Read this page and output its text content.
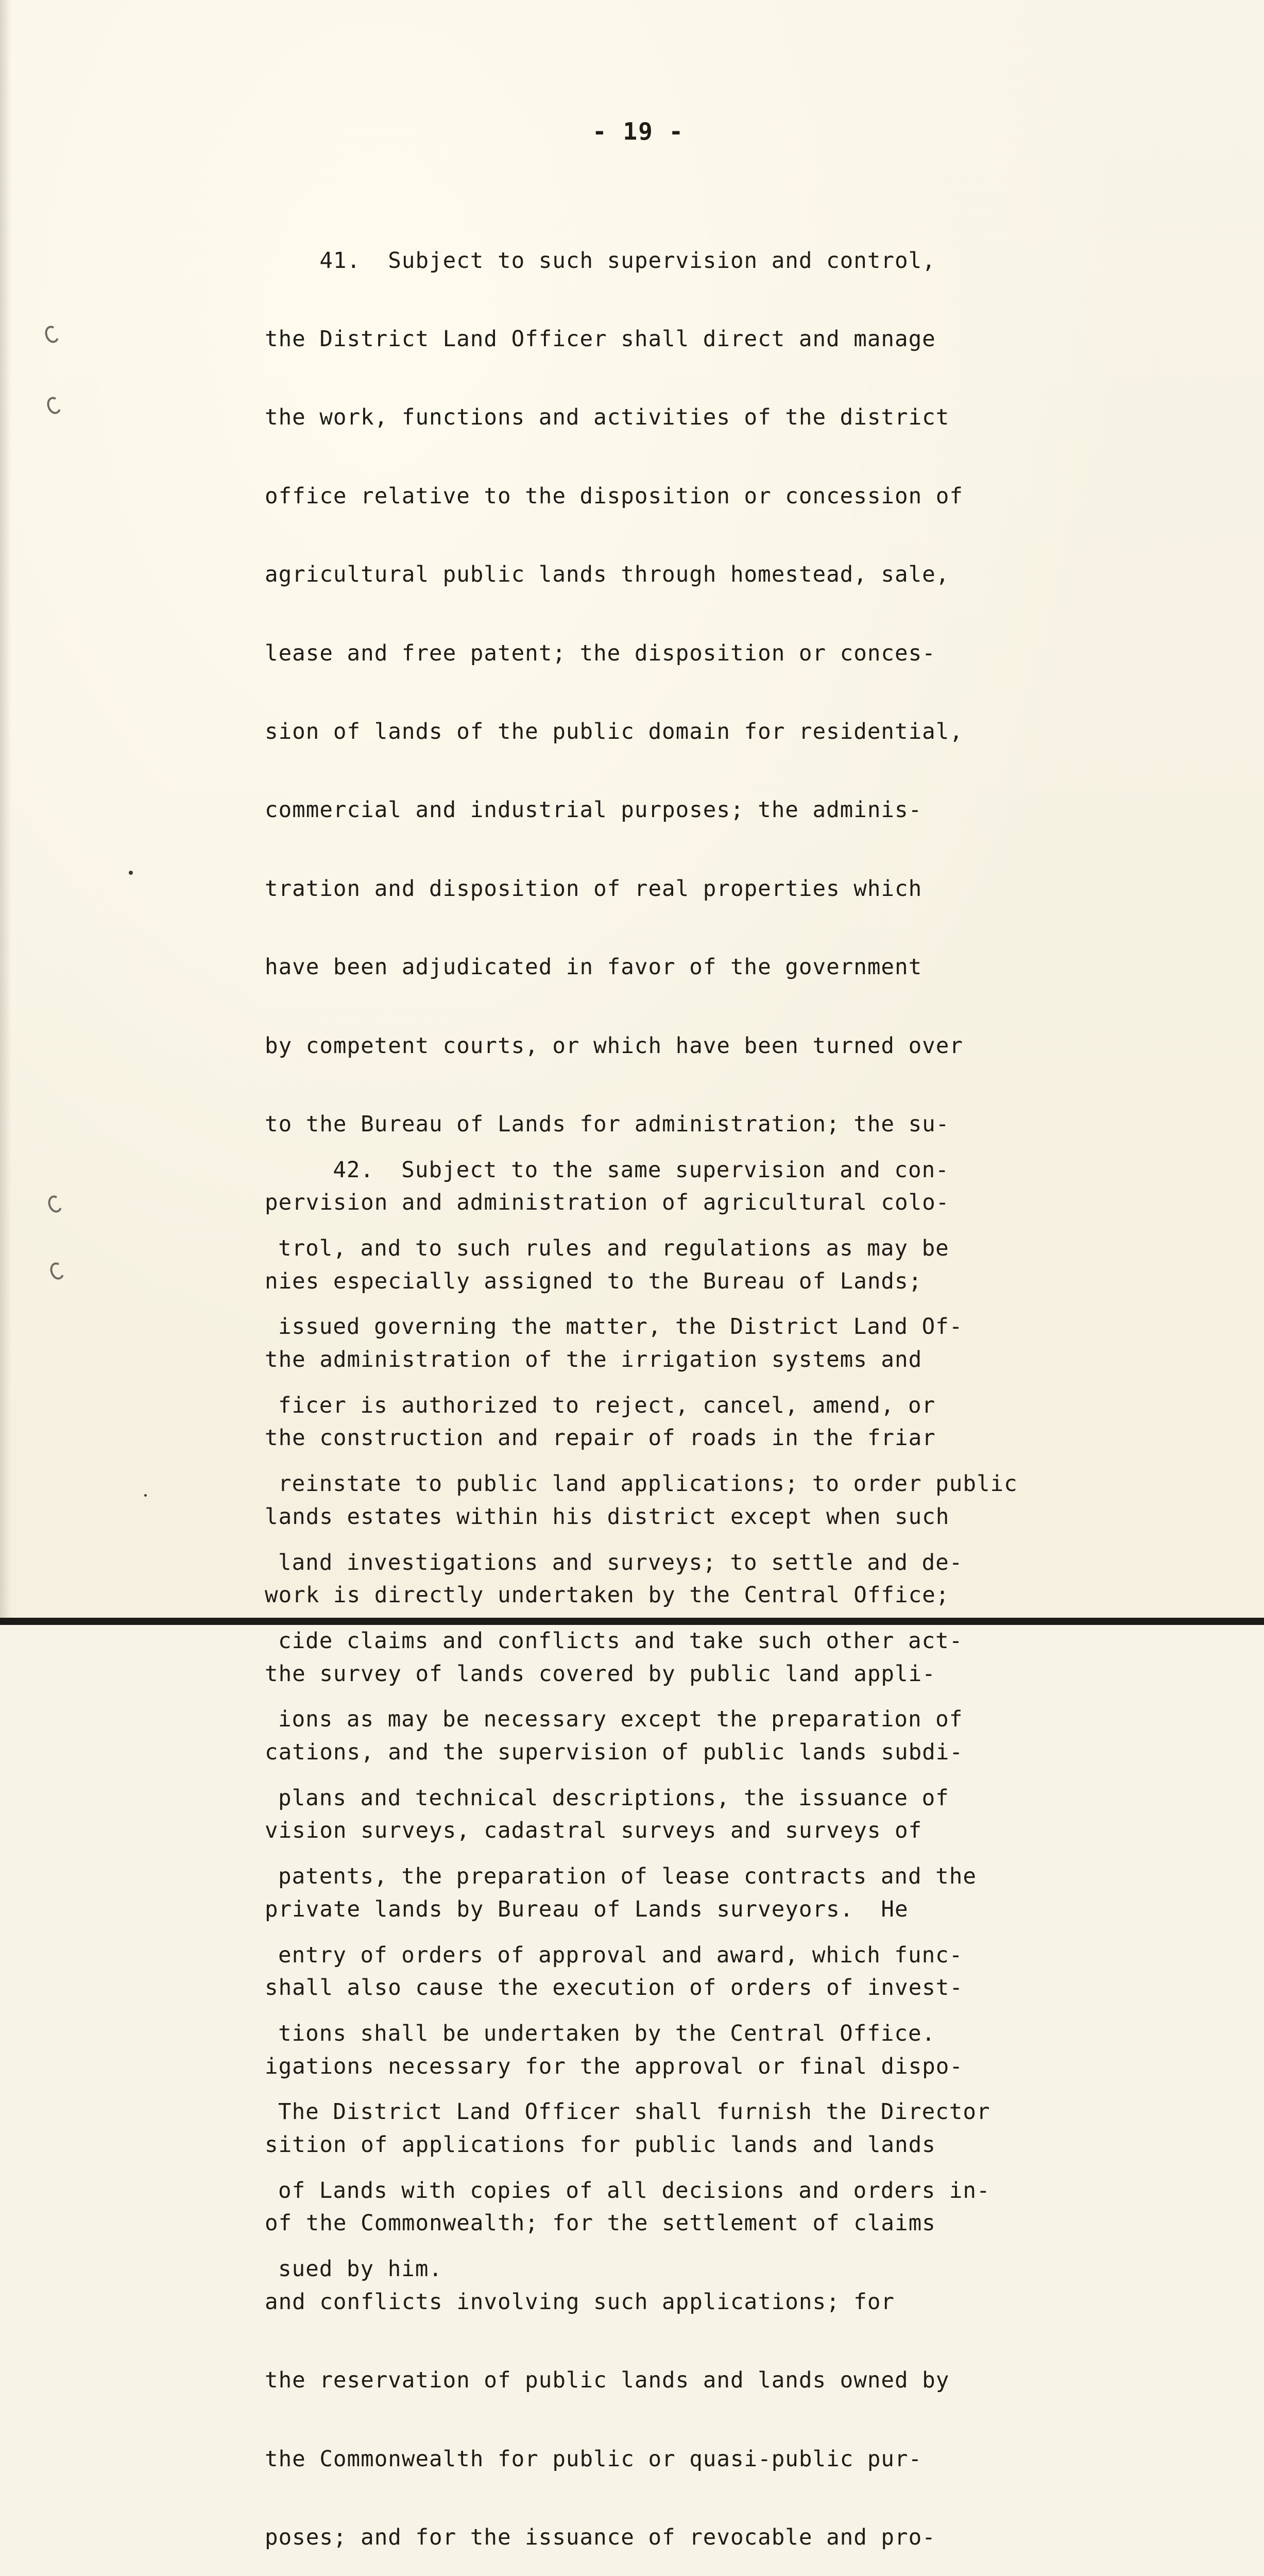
- 19 -

41.  Subject to such supervision and control,

the District Land Officer shall direct and manage

the work, functions and activities of the district

office relative to the disposition or concession of

agricultural public lands through homestead, sale,

lease and free patent; the disposition or conces-

sion of lands of the public domain for residential,

commercial and industrial purposes; the adminis-

tration and disposition of real properties which

have been adjudicated in favor of the government

by competent courts, or which have been turned over

to the Bureau of Lands for administration; the su-

pervision and administration of agricultural colo-

nies especially assigned to the Bureau of Lands;

the administration of the irrigation systems and

the construction and repair of roads in the friar

lands estates within his district except when such

work is directly undertaken by the Central Office;

the survey of lands covered by public land appli-

cations, and the supervision of public lands subdi-

vision surveys, cadastral surveys and surveys of

private lands by Bureau of Lands surveyors.  He

shall also cause the execution of orders of invest-

igations necessary for the approval or final dispo-

sition of applications for public lands and lands

of the Commonwealth; for the settlement of claims

and conflicts involving such applications; for

the reservation of public lands and lands owned by

the Commonwealth for public or quasi-public pur-

poses; and for the issuance of revocable and pro-

42.  Subject to the same supervision and con-

trol, and to such rules and regulations as may be

issued governing the matter, the District Land Of-

ficer is authorized to reject, cancel, amend, or

reinstate to public land applications; to order public

land investigations and surveys; to settle and de-

cide claims and conflicts and take such other act-

ions as may be necessary except the preparation of

plans and technical descriptions, the issuance of

patents, the preparation of lease contracts and the

entry of orders of approval and award, which func-

tions shall be undertaken by the Central Office.

The District Land Officer shall furnish the Director

of Lands with copies of all decisions and orders in-

sued by him.
